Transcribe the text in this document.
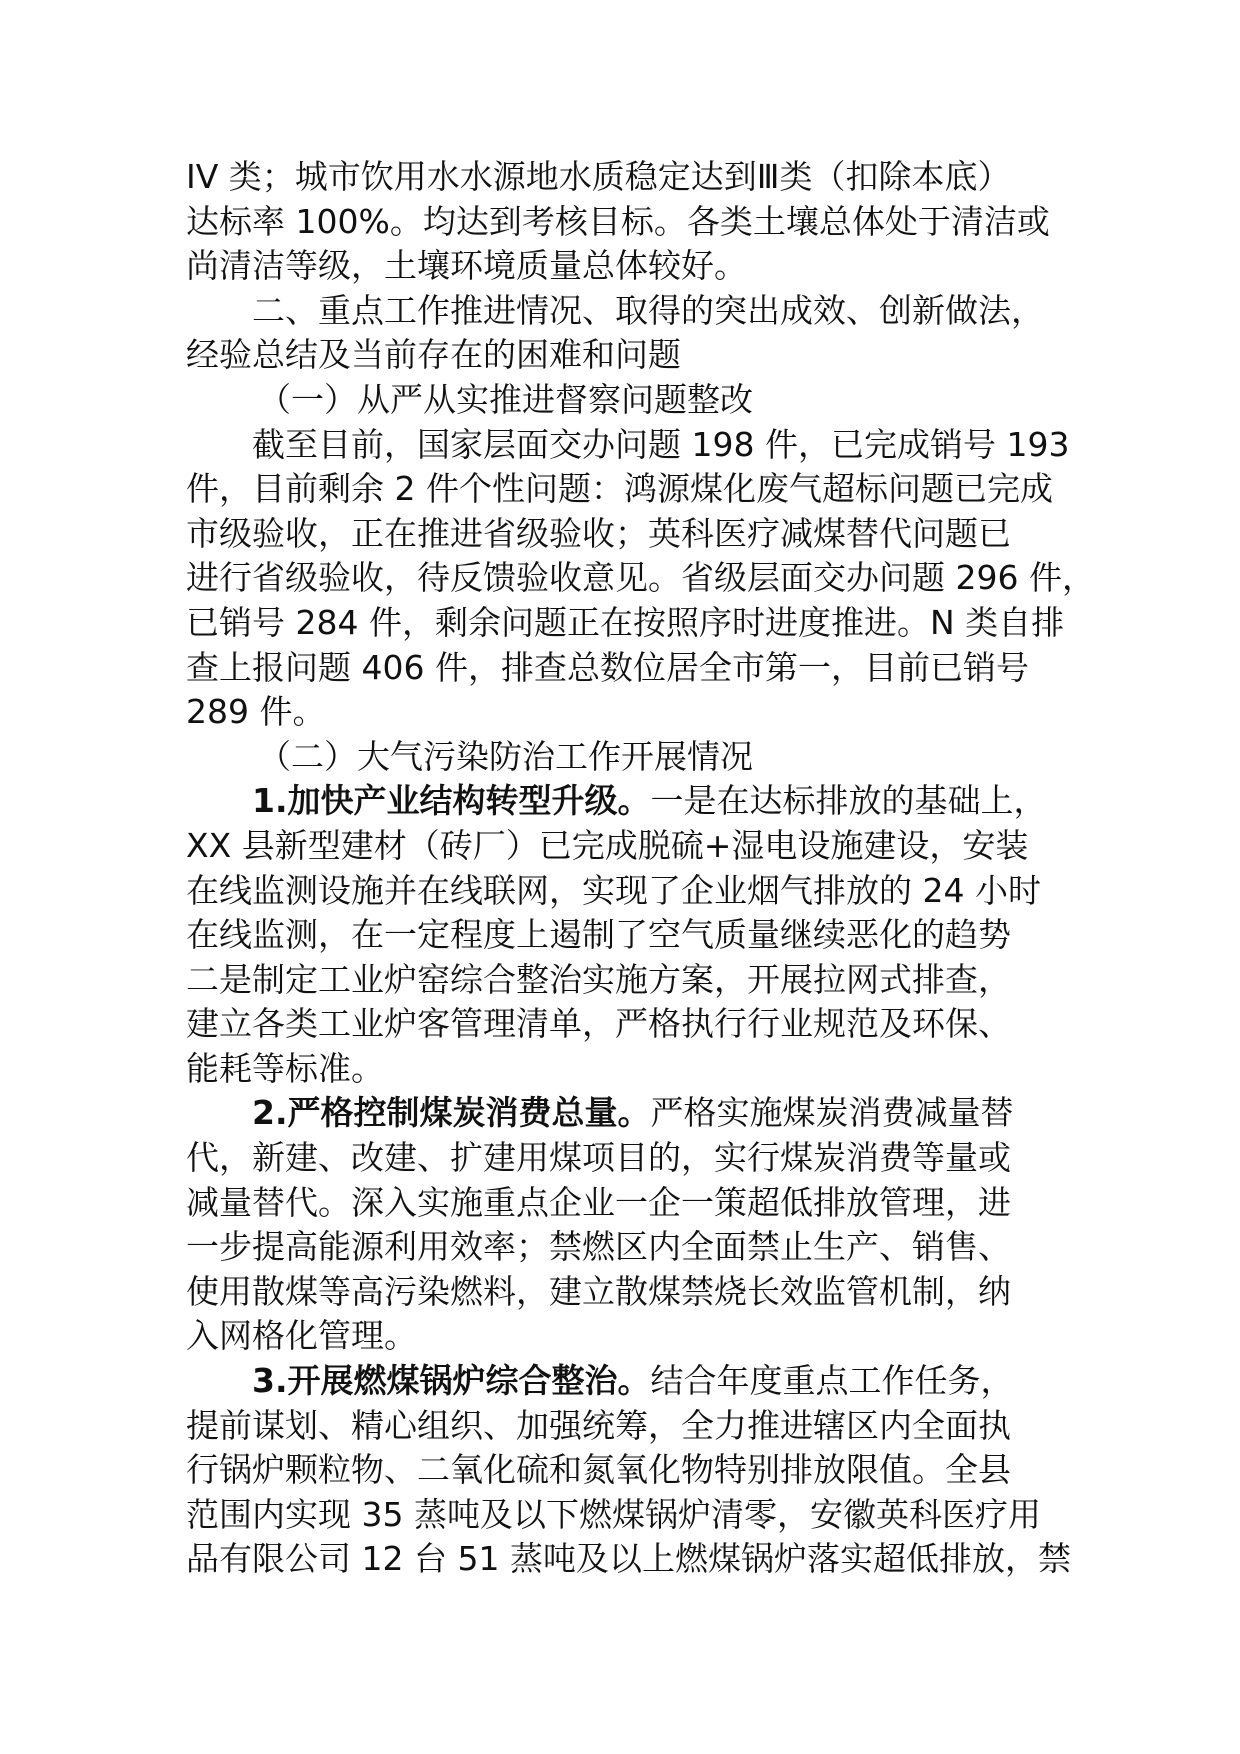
IV 类；城市饮用水水源地水质稳定达到Ⅲ类（扣除本底）
达标率 100%。均达到考核目标。各类土壤总体处于清洁或
尚清洁等级，土壤环境质量总体较好。
二、重点工作推进情况、取得的突出成效、创新做法，
经验总结及当前存在的困难和问题
（一）从严从实推进督察问题整改
截至目前，国家层面交办问题 198 件，已完成销号 193
件，目前剩余 2 件个性问题：鸿源煤化废气超标问题已完成
市级验收，正在推进省级验收；英科医疗减煤替代问题已
进行省级验收，待反馈验收意见。省级层面交办问题 296 件，
已销号 284 件，剩余问题正在按照序时进度推进。N 类自排
查上报问题 406 件，排查总数位居全市第一，目前已销号
289 件。
（二）大气污染防治工作开展情况
1.加快产业结构转型升级。一是在达标排放的基础上，
XX 县新型建材（砖厂）已完成脱硫+湿电设施建设，安装
在线监测设施并在线联网，实现了企业烟气排放的 24 小时
在线监测，在一定程度上遏制了空气质量继续恶化的趋势
二是制定工业炉窑综合整治实施方案，开展拉网式排查，
建立各类工业炉客管理清单，严格执行行业规范及环保、
能耗等标准。
2.严格控制煤炭消费总量。严格实施煤炭消费减量替
代，新建、改建、扩建用煤项目的，实行煤炭消费等量或
减量替代。深入实施重点企业一企一策超低排放管理，进
一步提高能源利用效率；禁燃区内全面禁止生产、销售、
使用散煤等高污染燃料，建立散煤禁烧长效监管机制，纳
入网格化管理。
3.开展燃煤锅炉综合整治。结合年度重点工作任务，
提前谋划、精心组织、加强统筹，全力推进辖区内全面执
行锅炉颗粒物、二氧化硫和氮氧化物特别排放限值。全县
范围内实现 35 蒸吨及以下燃煤锅炉清零，安徽英科医疗用
品有限公司 12 台 51 蒸吨及以上燃煤锅炉落实超低排放，禁
